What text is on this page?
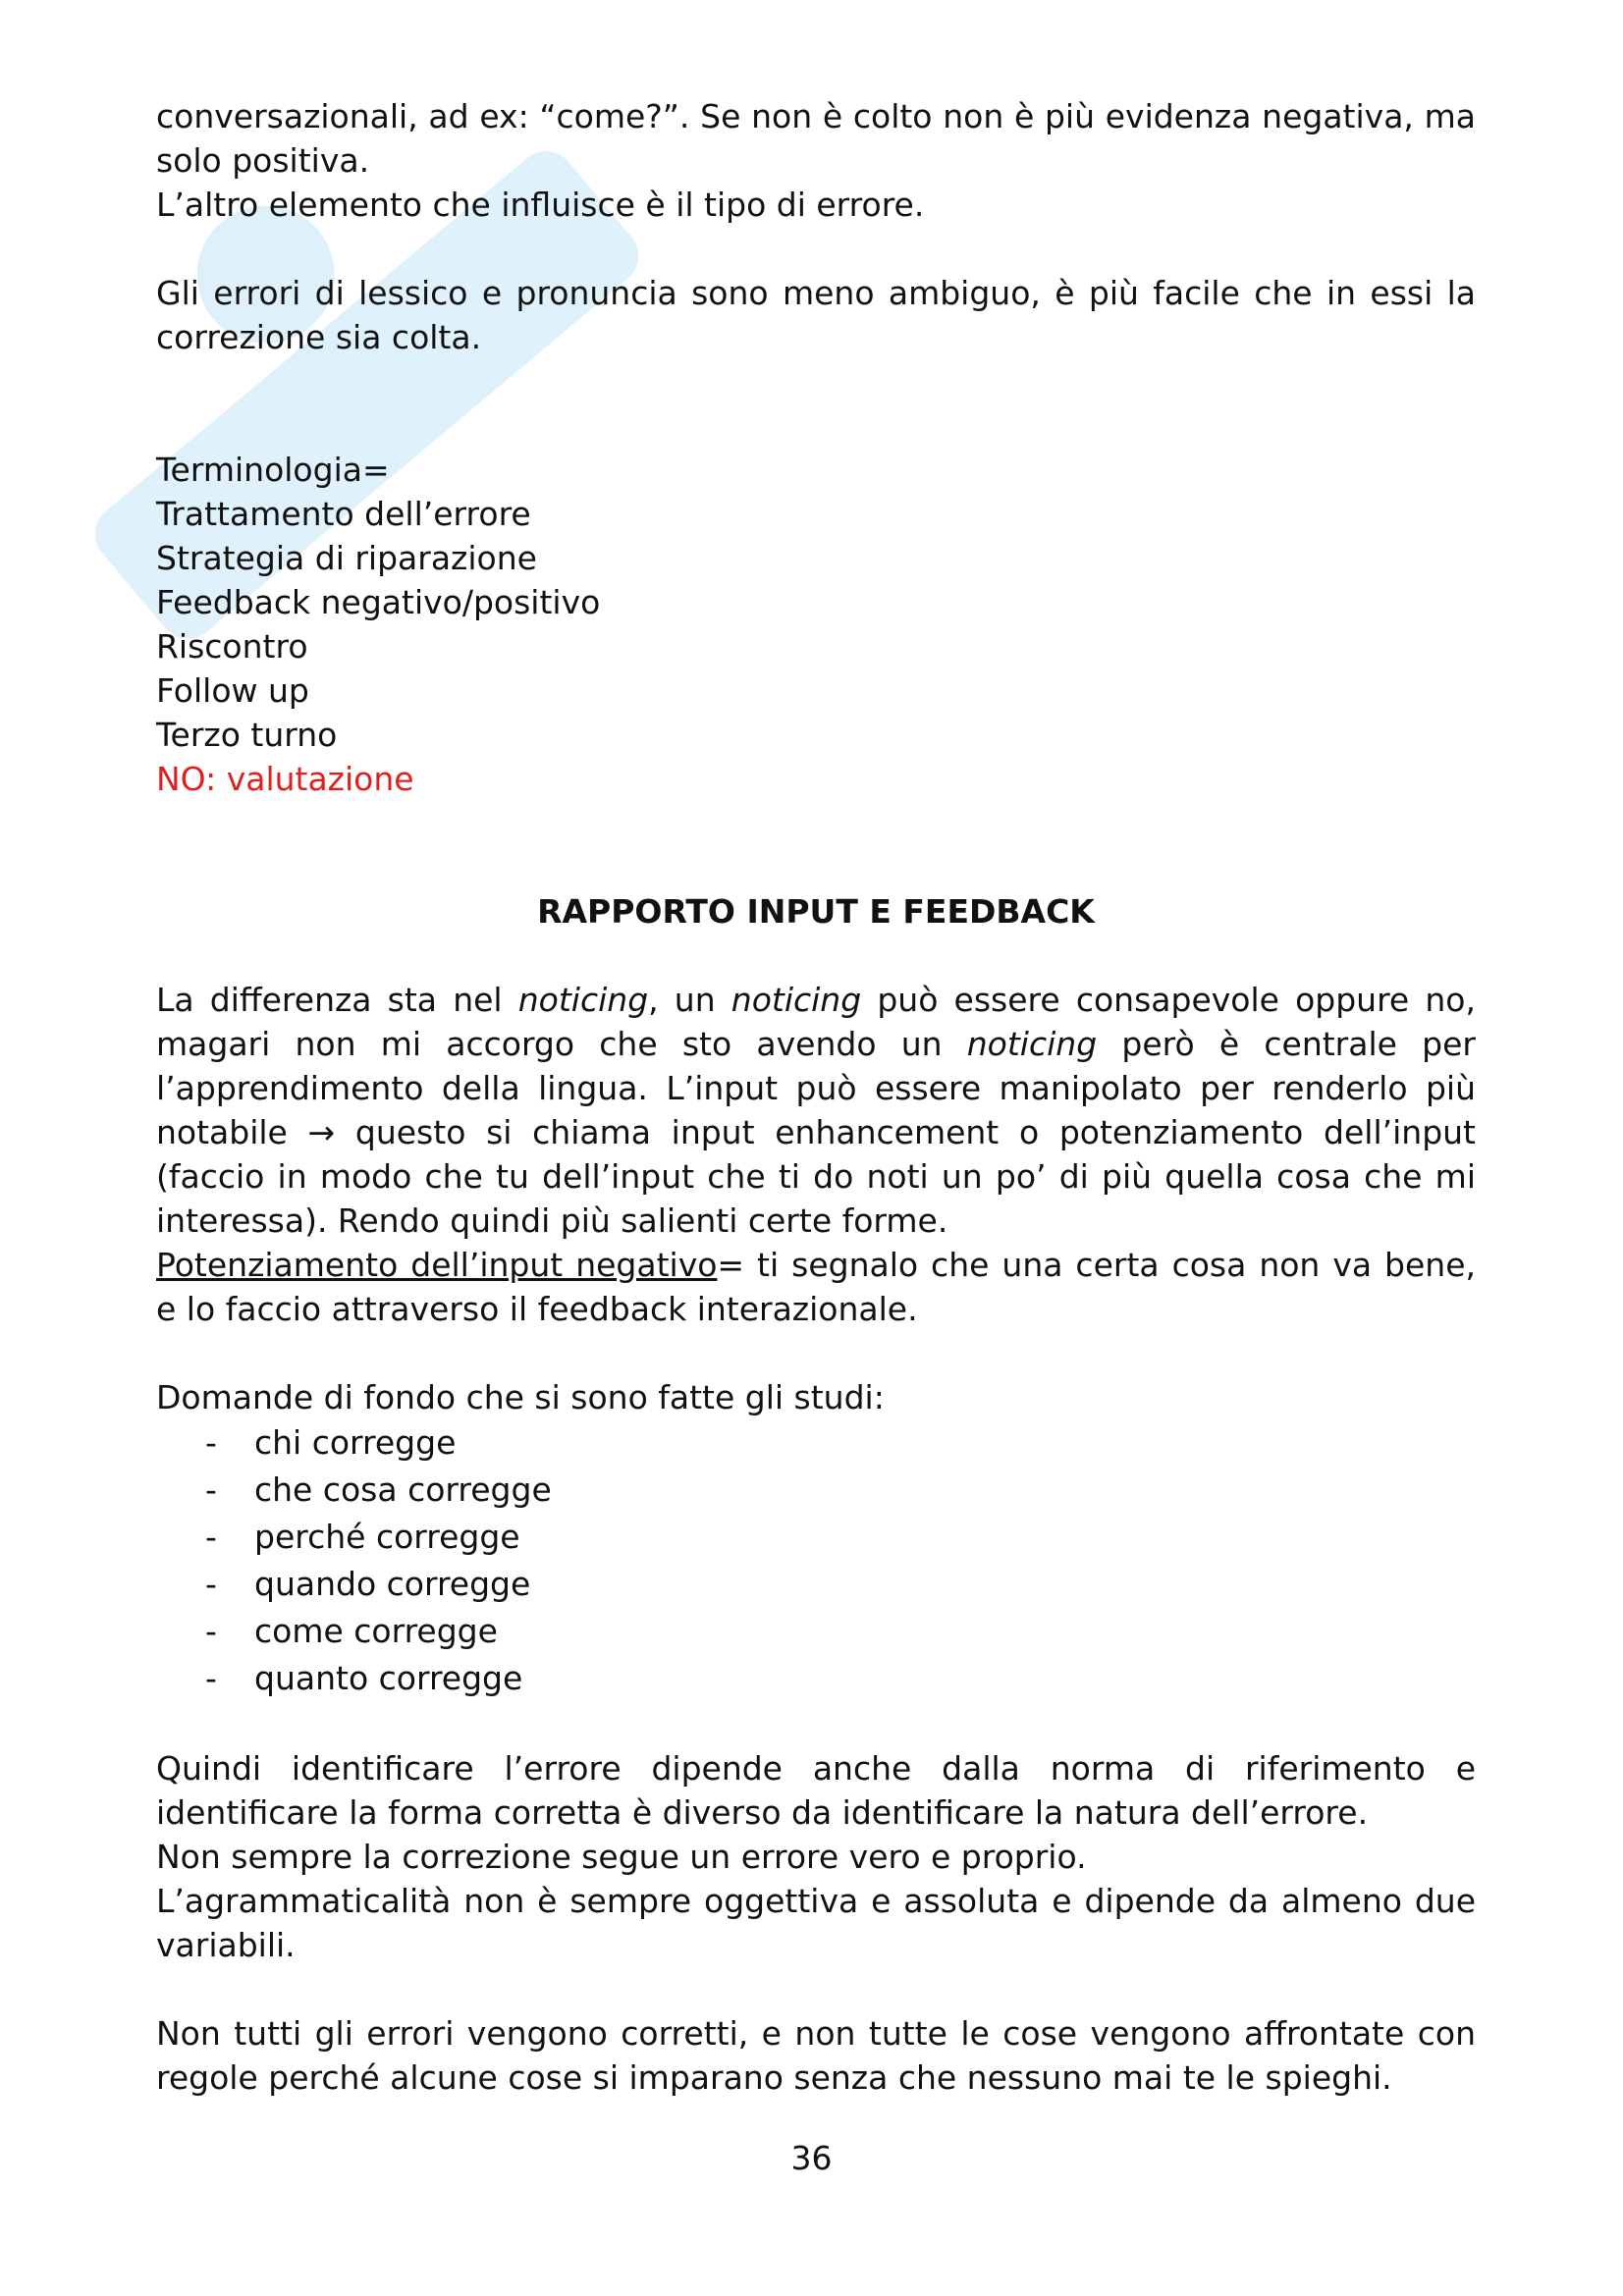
conversazionali, ad ex: “come?”. Se non è colto non è più evidenza negativa, ma solo positiva.

L’altro elemento che influisce è il tipo di errore.

Gli errori di lessico e pronuncia sono meno ambiguo, è più facile che in essi la correzione sia colta.

Terminologia=

Trattamento dell’errore

Strategia di riparazione

Feedback negativo/positivo

Riscontro

Follow up

Terzo turno

NO: valutazione

RAPPORTO INPUT E FEEDBACK

La differenza sta nel noticing, un noticing può essere consapevole oppure no, magari non mi accorgo che sto avendo un noticing però è centrale per l’apprendimento della lingua. L’input può essere manipolato per renderlo più notabile → questo si chiama input enhancement o potenziamento dell’input (faccio in modo che tu dell’input che ti do noti un po’ di più quella cosa che mi interessa). Rendo quindi più salienti certe forme.

Potenziamento dell’input negativo= ti segnalo che una certa cosa non va bene, e lo faccio attraverso il feedback interazionale.

Domande di fondo che si sono fatte gli studi:

- chi corregge
- che cosa corregge
- perché corregge
- quando corregge
- come corregge
- quanto corregge

Quindi identificare l’errore dipende anche dalla norma di riferimento e identificare la forma corretta è diverso da identificare la natura dell’errore.

Non sempre la correzione segue un errore vero e proprio.

L’agrammaticalità non è sempre oggettiva e assoluta e dipende da almeno due variabili.

Non tutti gli errori vengono corretti, e non tutte le cose vengono affrontate con regole perché alcune cose si imparano senza che nessuno mai te le spieghi.

36
